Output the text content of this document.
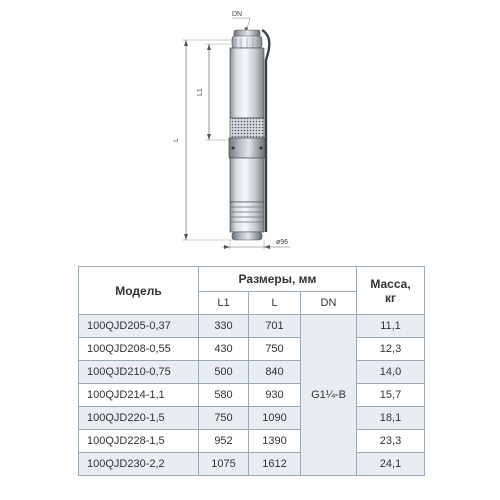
L
L1
DN
ø96
Модель	Размеры, мм			Масса,
кг
	L1	L	DN	
100QJD205-0,37	330	701	G1¼-B	11,1
100QJD208-0,55	430	750		12,3
100QJD210-0,75	500	840		14,0
100QJD214-1,1	580	930		15,7
100QJD220-1,5	750	1090		18,1
100QJD228-1,5	952	1390		23,3
100QJD230-2,2	1075	1612		24,1
